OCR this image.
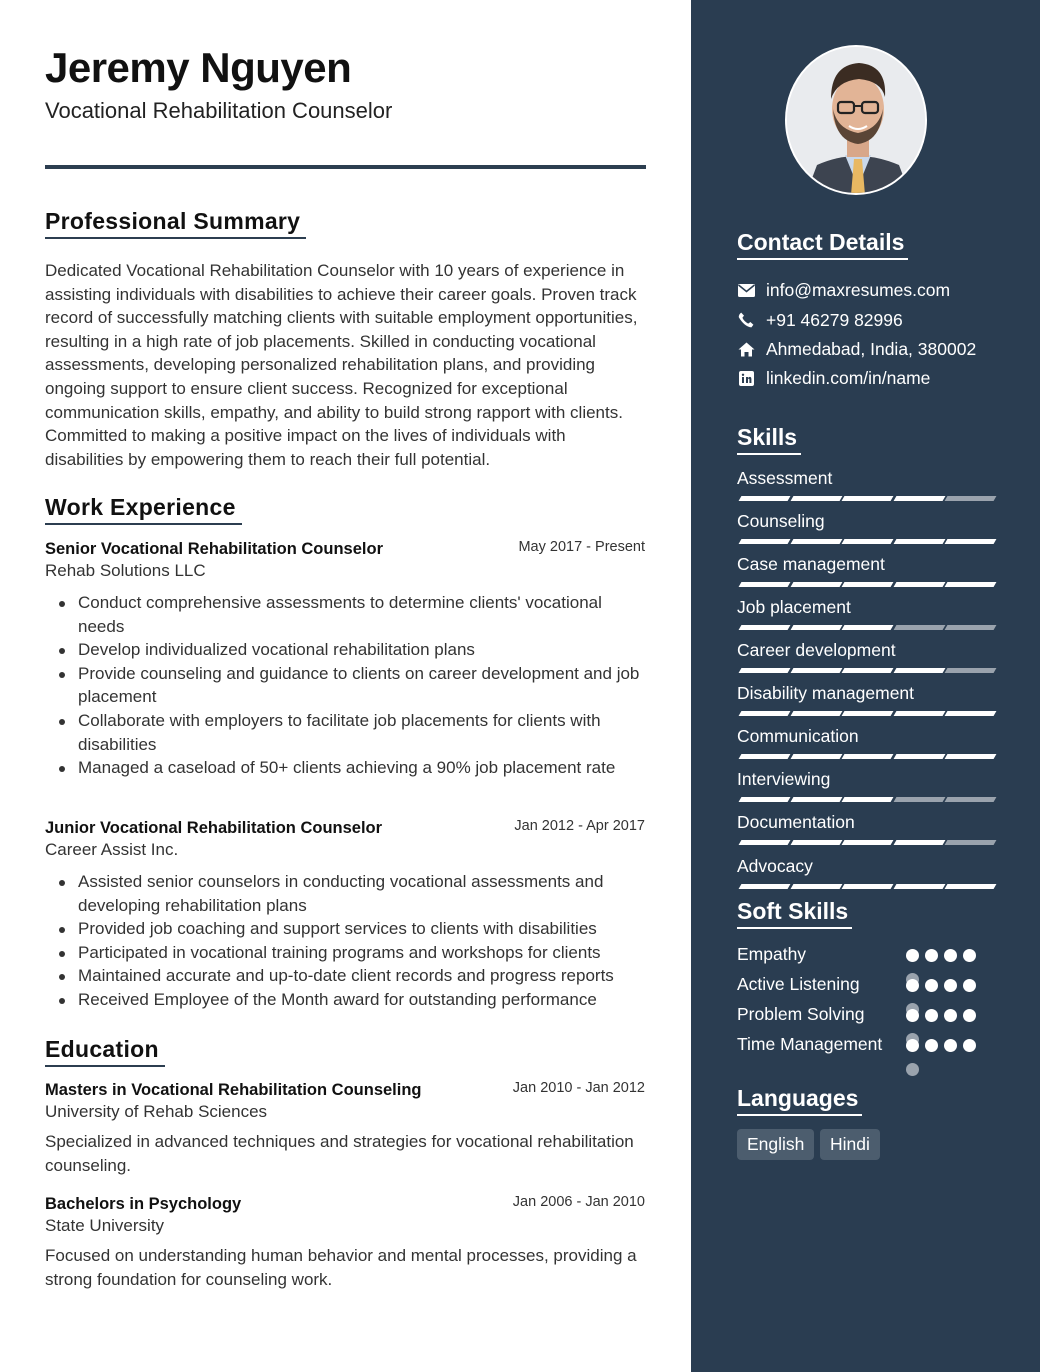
Jeremy Nguyen
Vocational Rehabilitation Counselor
Professional Summary
Dedicated Vocational Rehabilitation Counselor with 10 years of experience in assisting individuals with disabilities to achieve their career goals. Proven track record of successfully matching clients with suitable employment opportunities, resulting in a high rate of job placements. Skilled in conducting vocational assessments, developing personalized rehabilitation plans, and providing ongoing support to ensure client success. Recognized for exceptional communication skills, empathy, and ability to build strong rapport with clients. Committed to making a positive impact on the lives of individuals with disabilities by empowering them to reach their full potential.
Work Experience
Senior Vocational Rehabilitation Counselor	May 2017 - Present
Rehab Solutions LLC
Conduct comprehensive assessments to determine clients' vocational needs
Develop individualized vocational rehabilitation plans
Provide counseling and guidance to clients on career development and job placement
Collaborate with employers to facilitate job placements for clients with disabilities
Managed a caseload of 50+ clients achieving a 90% job placement rate
Junior Vocational Rehabilitation Counselor	Jan 2012 - Apr 2017
Career Assist Inc.
Assisted senior counselors in conducting vocational assessments and developing rehabilitation plans
Provided job coaching and support services to clients with disabilities
Participated in vocational training programs and workshops for clients
Maintained accurate and up-to-date client records and progress reports
Received Employee of the Month award for outstanding performance
Education
Masters in Vocational Rehabilitation Counseling	Jan 2010 - Jan 2012
University of Rehab Sciences
Specialized in advanced techniques and strategies for vocational rehabilitation counseling.
Bachelors in Psychology	Jan 2006 - Jan 2010
State University
Focused on understanding human behavior and mental processes, providing a strong foundation for counseling work.
Contact Details
info@maxresumes.com
+91 46279 82996
Ahmedabad, India, 380002
linkedin.com/in/name
Skills
Assessment
Counseling
Case management
Job placement
Career development
Disability management
Communication
Interviewing
Documentation
Advocacy
Soft Skills
Empathy
Active Listening
Problem Solving
Time Management
Languages
English	Hindi
